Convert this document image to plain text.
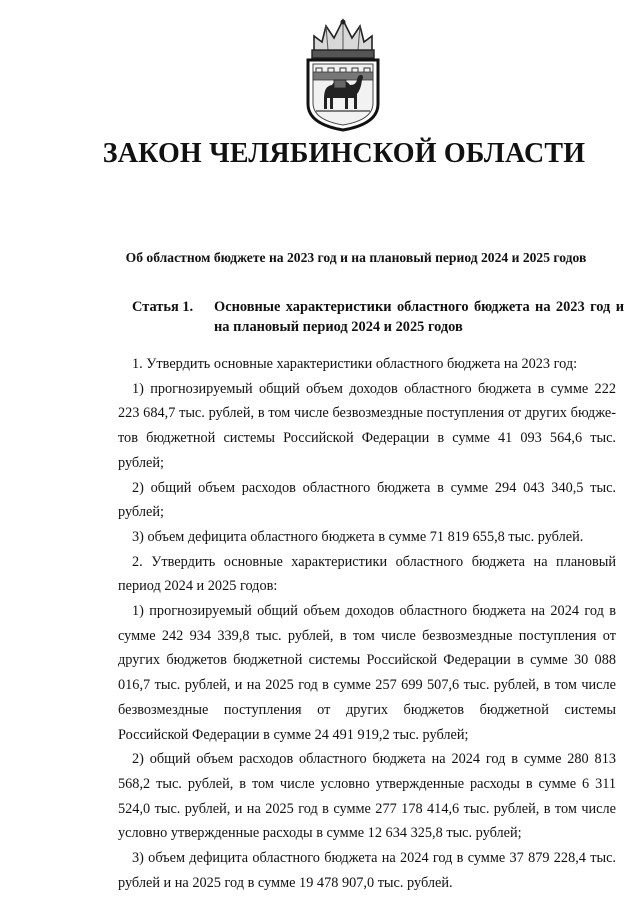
ЗАКОН ЧЕЛЯБИНСКОЙ ОБЛАСТИ
Об областном бюджете на 2023 год и на плановый период 2024 и 2025 годов
Статья 1. Основные характеристики областного бюджета на 2023 год и на плановый период 2024 и 2025 годов

1. Утвердить основные характеристики областного бюджета на 2023 год:

1) прогнозируемый общий объем доходов областного бюджета в сумме 222 223 684,7 тыс. рублей, в том числе безвозмездные поступления от других бюджетов бюджетной системы Российской Федерации в сумме 41 093 564,6 тыс. рублей;

2) общий объем расходов областного бюджета в сумме 294 043 340,5 тыс. рублей;

3) объем дефицита областного бюджета в сумме 71 819 655,8 тыс. рублей.

2. Утвердить основные характеристики областного бюджета на плановый период 2024 и 2025 годов:

1) прогнозируемый общий объем доходов областного бюджета на 2024 год в сумме 242 934 339,8 тыс. рублей, в том числе безвозмездные поступления от других бюджетов бюджетной системы Российской Федерации в сумме 30 088 016,7 тыс. рублей, и на 2025 год в сумме 257 699 507,6 тыс. рублей, в том числе безвозмездные поступления от других бюджетов бюджетной системы Российской Федерации в сумме 24 491 919,2 тыс. рублей;

2) общий объем расходов областного бюджета на 2024 год в сумме 280 813 568,2 тыс. рублей, в том числе условно утвержденные расходы в сумме 6 311 524,0 тыс. рублей, и на 2025 год в сумме 277 178 414,6 тыс. рублей, в том числе условно утвержденные расходы в сумме 12 634 325,8 тыс. рублей;

3) объем дефицита областного бюджета на 2024 год в сумме 37 879 228,4 тыс. рублей и на 2025 год в сумме 19 478 907,0 тыс. рублей.
